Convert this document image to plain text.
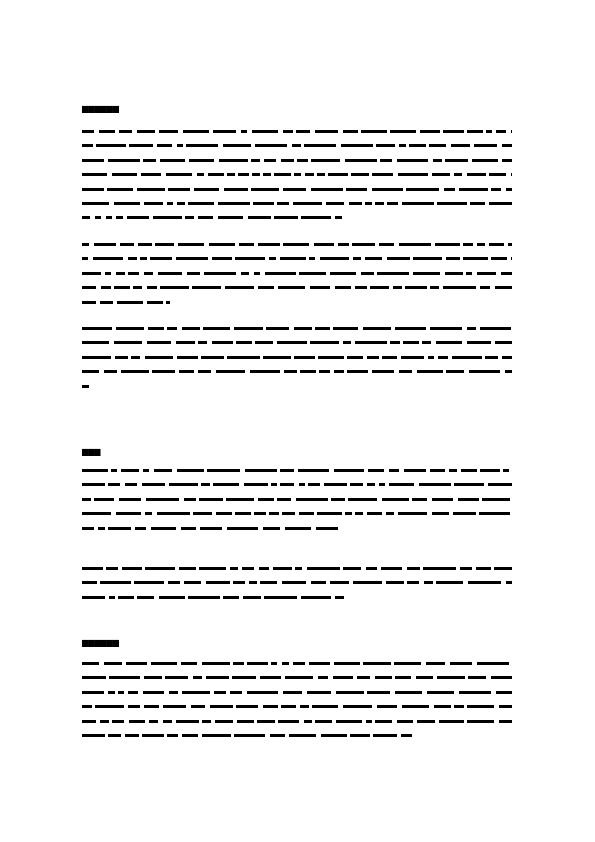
▆▆▆▆▆▆
▆▆▆
▆▆▆▆▆▆
